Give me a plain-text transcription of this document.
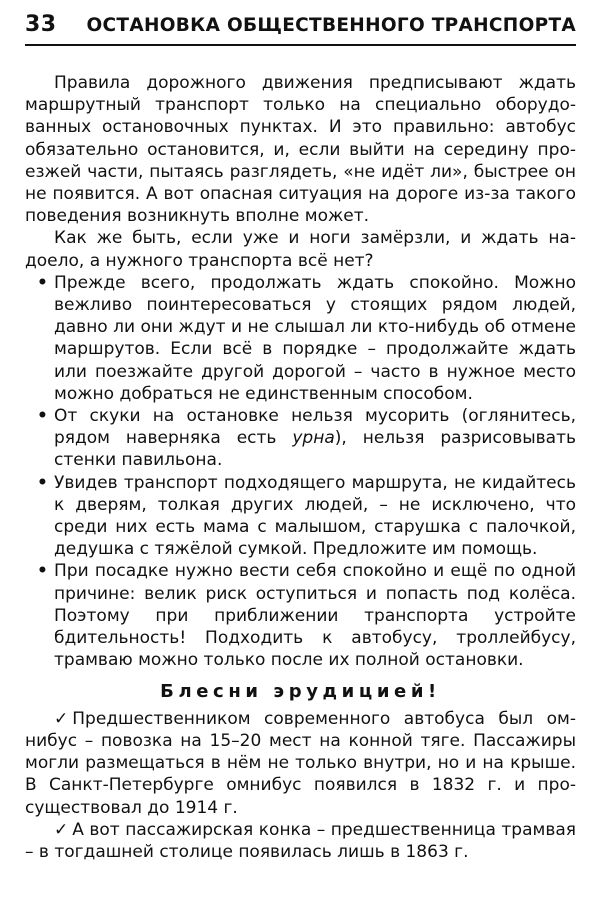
33 ОСТАНОВКА ОБЩЕСТВЕННОГО ТРАНСПОРТА

Правила дорожного движения предписывают ждать маршрутный транспорт только на специально оборудованных остановочных пунктах. И это правильно: автобус обязательно остановится, и, если выйти на середину проезжей части, пытаясь разглядеть, «не идёт ли», быстрее он не появится. А вот опасная ситуация на дороге из-за такого поведения возникнуть вполне может.

Как же быть, если уже и ноги замёрзли, и ждать надоело, а нужного транспорта всё нет?

• Прежде всего, продолжать ждать спокойно. Можно вежливо поинтересоваться у стоящих рядом людей, давно ли они ждут и не слышал ли кто-нибудь об отмене маршрутов. Если всё в порядке – продолжайте ждать или поезжайте другой дорогой – часто в нужное место можно добраться не единственным способом.
• От скуки на остановке нельзя мусорить (оглянитесь, рядом наверняка есть урна), нельзя разрисовывать стенки павильона.
• Увидев транспорт подходящего маршрута, не кидайтесь к дверям, толкая других людей, – не исключено, что среди них есть мама с малышом, старушка с палочкой, дедушка с тяжёлой сумкой. Предложите им помощь.
• При посадке нужно вести себя спокойно и ещё по одной причине: велик риск оступиться и попасть под колёса. Поэтому при приближении транспорта устройте бдительность! Подходить к автобусу, троллейбусу, трамваю можно только после их полной остановки.
Блесни эрудицией!
✓ Предшественником современного автобуса был омнибус – повозка на 15–20 мест на конной тяге. Пассажиры могли размещаться в нём не только внутри, но и на крыше. В Санкт-Петербурге омнибус появился в 1832 г. и просуществовал до 1914 г.
✓ А вот пассажирская конка – предшественница трамвая – в тогдашней столице появилась лишь в 1863 г.
